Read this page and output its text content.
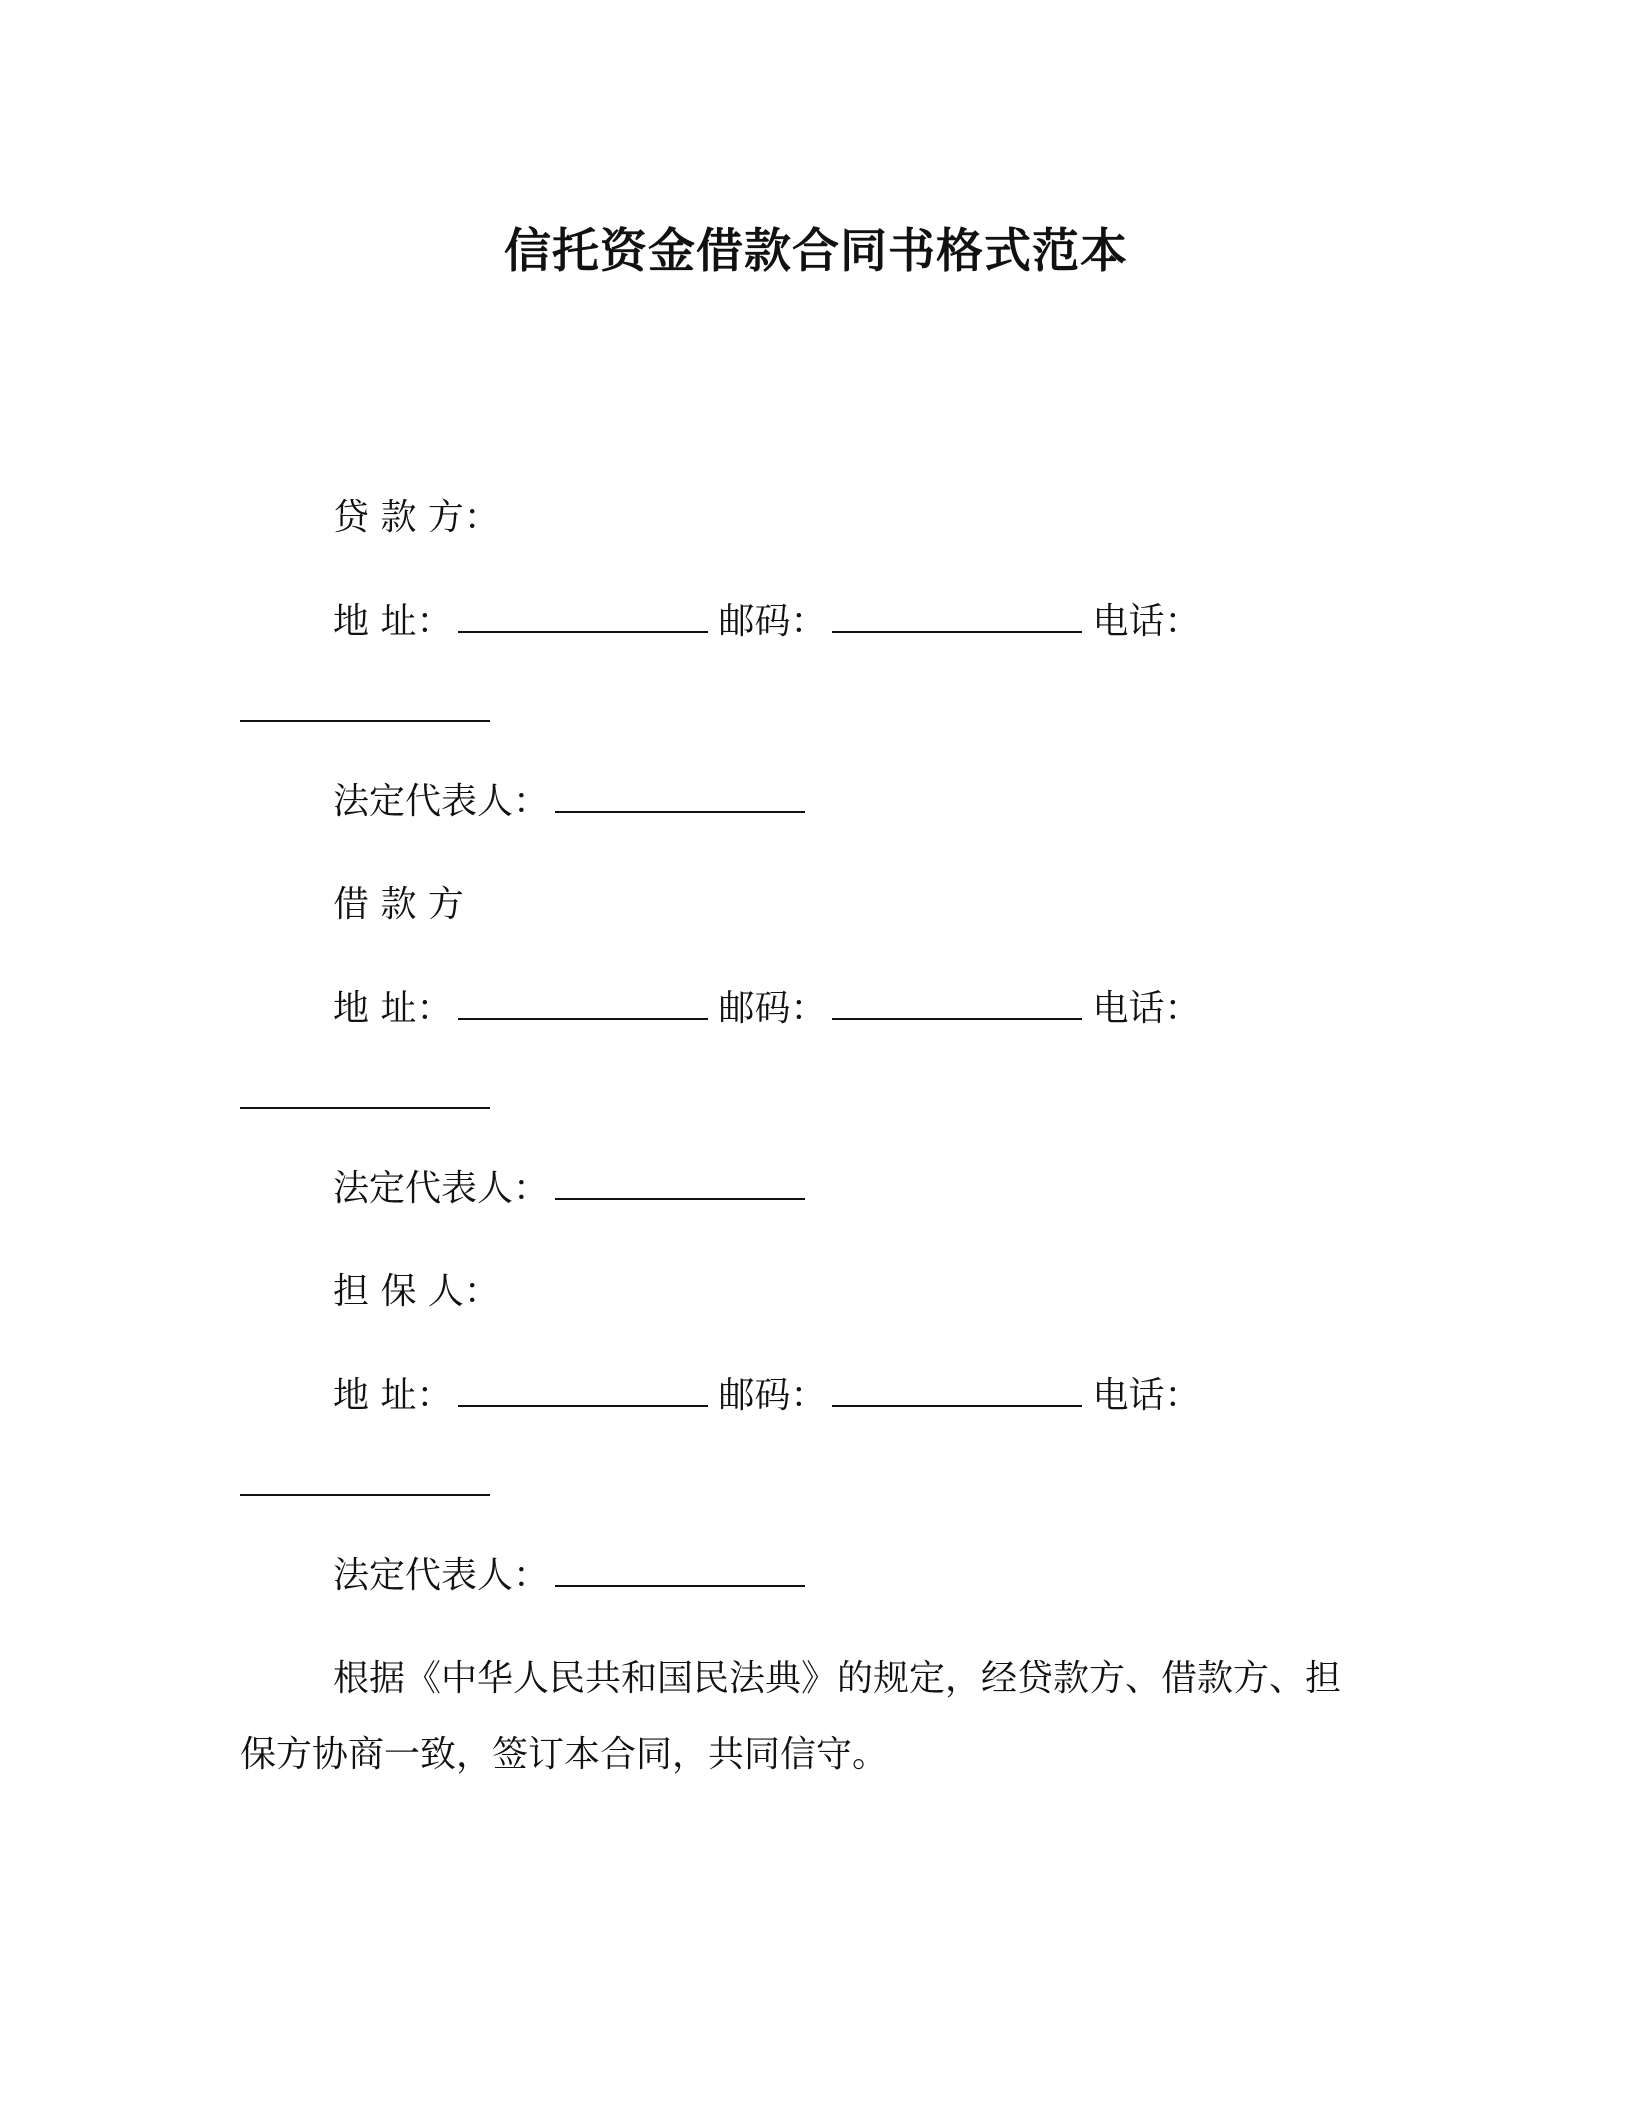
信托资金借款合同书格式范本
贷 款 方：
地 址：	邮码：	电话：
法定代表人：
借 款 方
地 址：	邮码：	电话：
法定代表人：
担 保 人：
地 址：	邮码：	电话：
法定代表人：
根据《中华人民共和国民法典》的规定，经贷款方、借款方、担
保方协商一致，签订本合同，共同信守。
